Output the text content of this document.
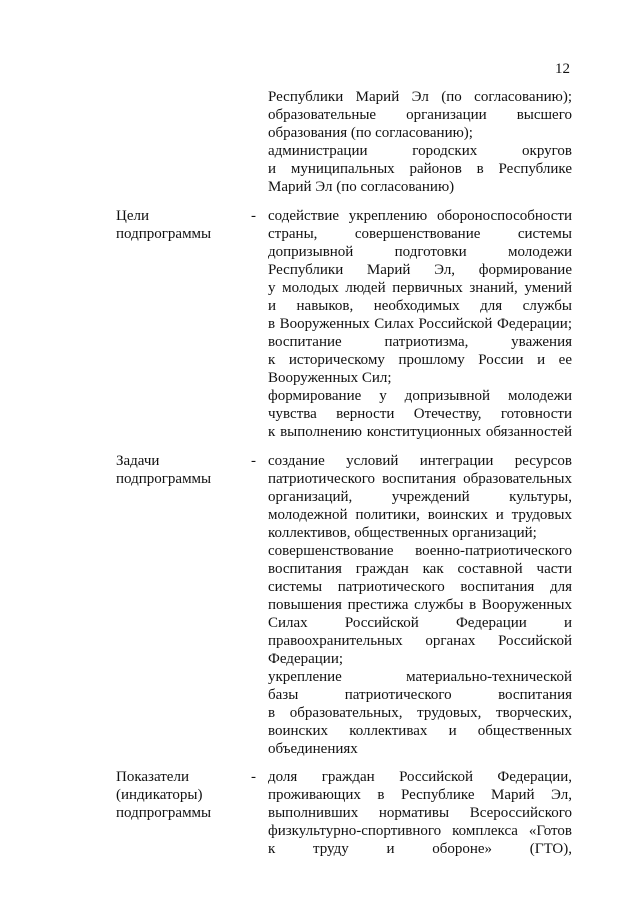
12
Республики Марий Эл (по согласованию);
образовательные организации высшего
образования (по согласованию);
администрации городских округов
и муниципальных районов в Республике
Марий Эл (по согласованию)
Цели
подпрограммы
- содействие укреплению обороноспособности
страны, совершенствование системы
допризывной подготовки молодежи
Республики Марий Эл, формирование
у молодых людей первичных знаний, умений
и навыков, необходимых для службы
в Вооруженных Силах Российской Федерации;
воспитание патриотизма, уважения
к историческому прошлому России и ее
Вооруженных Сил;
формирование у допризывной молодежи
чувства верности Отечеству, готовности
к выполнению конституционных обязанностей
Задачи
подпрограммы
- создание условий интеграции ресурсов
патриотического воспитания образовательных
организаций, учреждений культуры,
молодежной политики, воинских и трудовых
коллективов, общественных организаций;
совершенствование военно-патриотического
воспитания граждан как составной части
системы патриотического воспитания для
повышения престижа службы в Вооруженных
Силах Российской Федерации и
правоохранительных органах Российской
Федерации;
укрепление материально-технической
базы патриотического воспитания
в образовательных, трудовых, творческих,
воинских коллективах и общественных
объединениях
Показатели
(индикаторы)
подпрограммы
- доля граждан Российской Федерации,
проживающих в Республике Марий Эл,
выполнивших нормативы Всероссийского
физкультурно-спортивного комплекса «Готов
к труду и обороне» (ГТО),
